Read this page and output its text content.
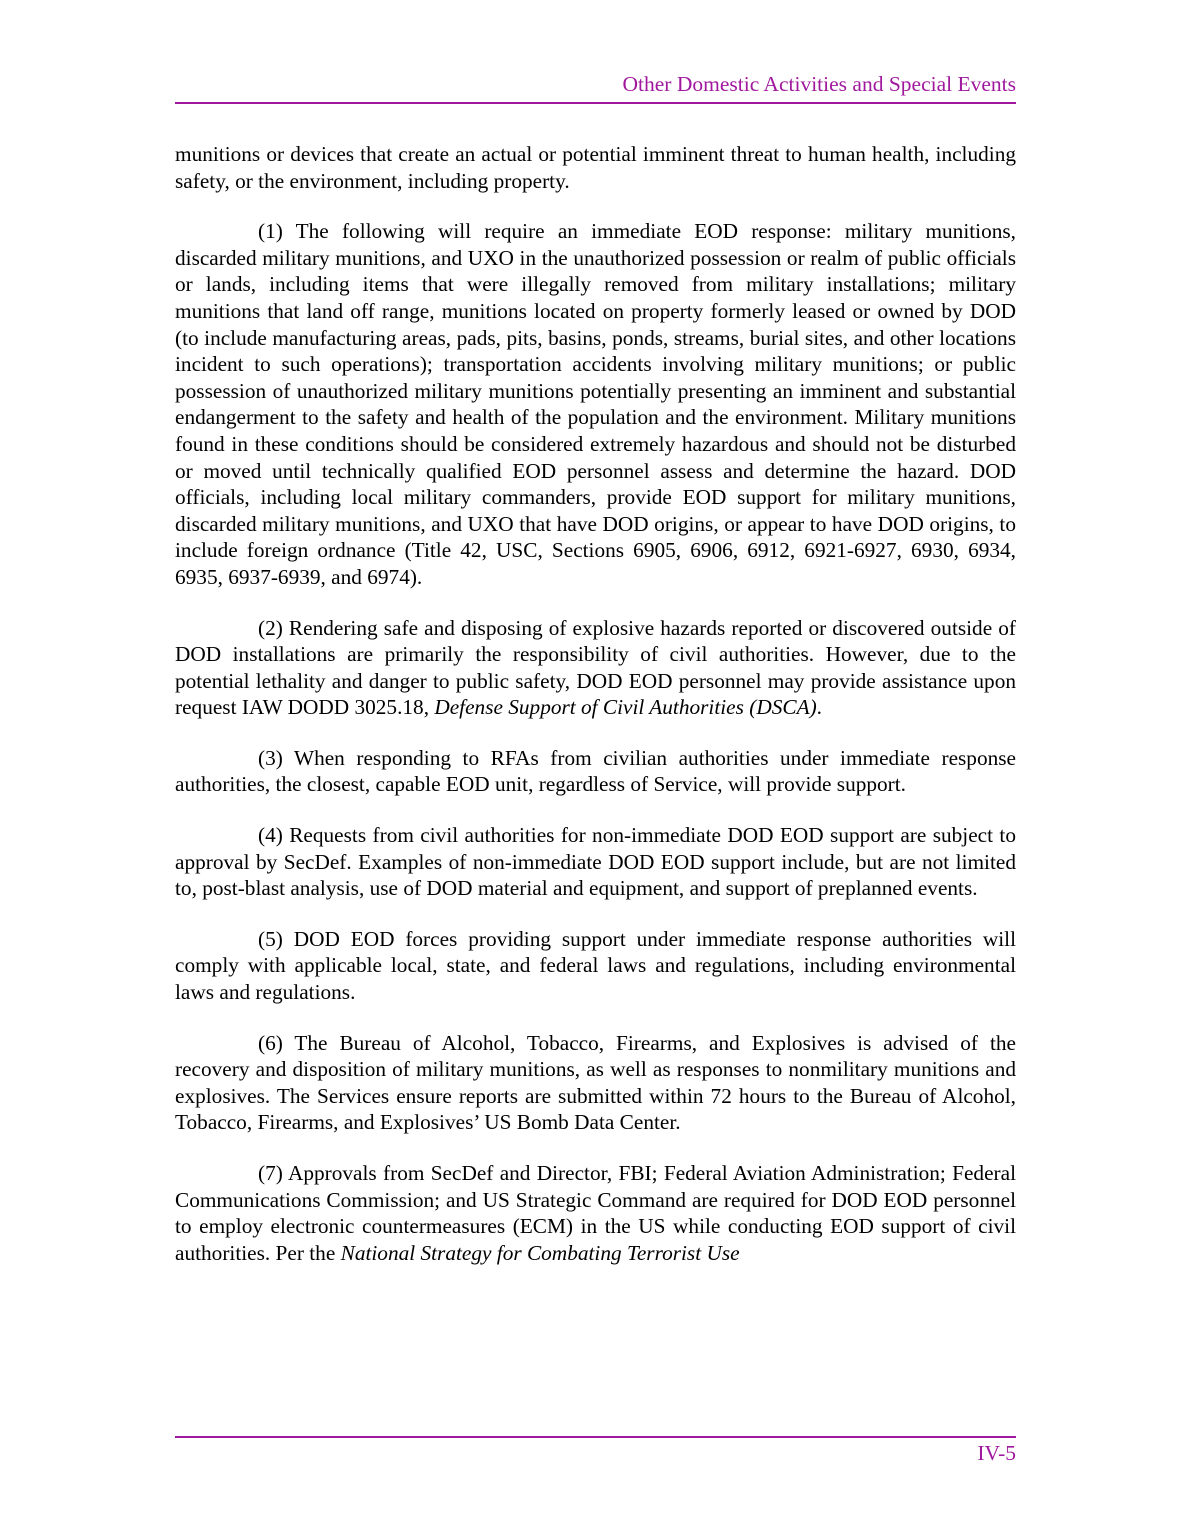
Other Domestic Activities and Special Events

munitions or devices that create an actual or potential imminent threat to human health, including safety, or the environment, including property.

(1) The following will require an immediate EOD response: military munitions, discarded military munitions, and UXO in the unauthorized possession or realm of public officials or lands, including items that were illegally removed from military installations; military munitions that land off range, munitions located on property formerly leased or owned by DOD (to include manufacturing areas, pads, pits, basins, ponds, streams, burial sites, and other locations incident to such operations); transportation accidents involving military munitions; or public possession of unauthorized military munitions potentially presenting an imminent and substantial endangerment to the safety and health of the population and the environment. Military munitions found in these conditions should be considered extremely hazardous and should not be disturbed or moved until technically qualified EOD personnel assess and determine the hazard. DOD officials, including local military commanders, provide EOD support for military munitions, discarded military munitions, and UXO that have DOD origins, or appear to have DOD origins, to include foreign ordnance (Title 42, USC, Sections 6905, 6906, 6912, 6921-6927, 6930, 6934, 6935, 6937-6939, and 6974).

(2) Rendering safe and disposing of explosive hazards reported or discovered outside of DOD installations are primarily the responsibility of civil authorities. However, due to the potential lethality and danger to public safety, DOD EOD personnel may provide assistance upon request IAW DODD 3025.18, Defense Support of Civil Authorities (DSCA).

(3) When responding to RFAs from civilian authorities under immediate response authorities, the closest, capable EOD unit, regardless of Service, will provide support.

(4) Requests from civil authorities for non-immediate DOD EOD support are subject to approval by SecDef. Examples of non-immediate DOD EOD support include, but are not limited to, post-blast analysis, use of DOD material and equipment, and support of preplanned events.

(5) DOD EOD forces providing support under immediate response authorities will comply with applicable local, state, and federal laws and regulations, including environmental laws and regulations.

(6) The Bureau of Alcohol, Tobacco, Firearms, and Explosives is advised of the recovery and disposition of military munitions, as well as responses to nonmilitary munitions and explosives. The Services ensure reports are submitted within 72 hours to the Bureau of Alcohol, Tobacco, Firearms, and Explosives’ US Bomb Data Center.

(7) Approvals from SecDef and Director, FBI; Federal Aviation Administration; Federal Communications Commission; and US Strategic Command are required for DOD EOD personnel to employ electronic countermeasures (ECM) in the US while conducting EOD support of civil authorities. Per the National Strategy for Combating Terrorist Use

IV-5
